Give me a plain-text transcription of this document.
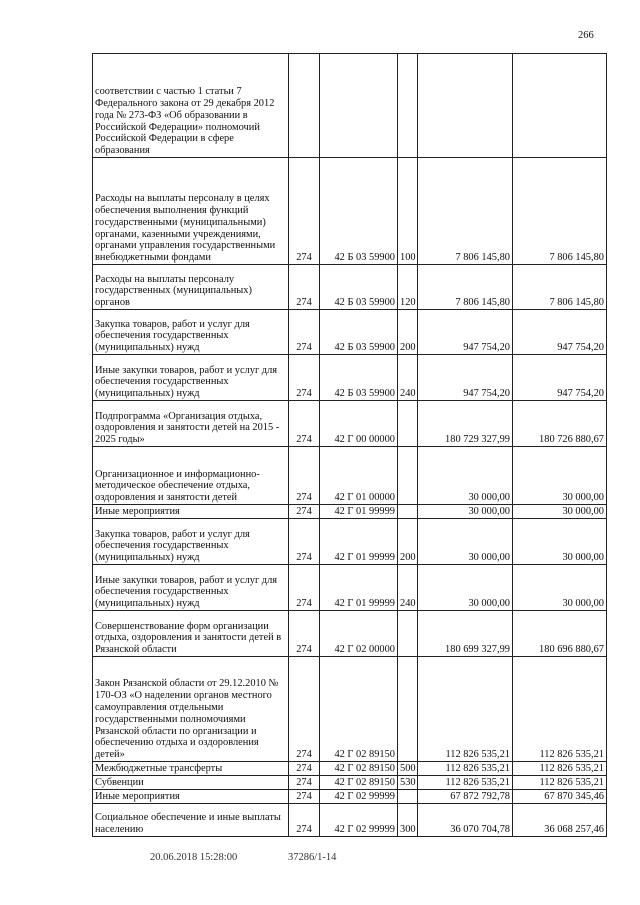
266
соответствии с частью 1 статьи 7 Федерального закона от 29 декабря 2012 года № 273-ФЗ «Об образовании в Российской Федерации» полномочий Российской Федерации в сфере образования					

Расходы на выплаты персоналу в целях обеспечения выполнения функций государственными (муниципальными) органами, казенными учреждениями, органами управления государственными внебюджетными фондами	274	42 Б 03 59900	100	7 806 145,80	7 806 145,80

Расходы на выплаты персоналу государственных (муниципальных) органов	274	42 Б 03 59900	120	7 806 145,80	7 806 145,80

Закупка товаров, работ и услуг для обеспечения государственных (муниципальных) нужд	274	42 Б 03 59900	200	947 754,20	947 754,20

Иные закупки товаров, работ и услуг для обеспечения государственных (муниципальных) нужд	274	42 Б 03 59900	240	947 754,20	947 754,20

Подпрограмма «Организация отдыха, оздоровления и занятости детей на 2015 - 2025 годы»	274	42 Г 00 00000		180 729 327,99	180 726 880,67

Организационное и информационно-методическое обеспечение отдыха, оздоровления и занятости детей	274	42 Г 01 00000		30 000,00	30 000,00

Иные мероприятия	274	42 Г 01 99999		30 000,00	30 000,00

Закупка товаров, работ и услуг для обеспечения государственных (муниципальных) нужд	274	42 Г 01 99999	200	30 000,00	30 000,00

Иные закупки товаров, работ и услуг для обеспечения государственных (муниципальных) нужд	274	42 Г 01 99999	240	30 000,00	30 000,00

Совершенствование форм организации отдыха, оздоровления и занятости детей в Рязанской области	274	42 Г 02 00000		180 699 327,99	180 696 880,67

Закон Рязанской области от 29.12.2010 № 170-ОЗ «О наделении органов местного самоуправления отдельными государственными полномочиями Рязанской области по организации и обеспечению отдыха и оздоровления детей»	274	42 Г 02 89150		112 826 535,21	112 826 535,21

Межбюджетные трансферты	274	42 Г 02 89150	500	112 826 535,21	112 826 535,21

Субвенции	274	42 Г 02 89150	530	112 826 535,21	112 826 535,21

Иные мероприятия	274	42 Г 02 99999		67 872 792,78	67 870 345,46

Социальное обеспечение и иные выплаты населению	274	42 Г 02 99999	300	36 070 704,78	36 068 257,46
20.06.2018 15:28:00	37286/1-14
